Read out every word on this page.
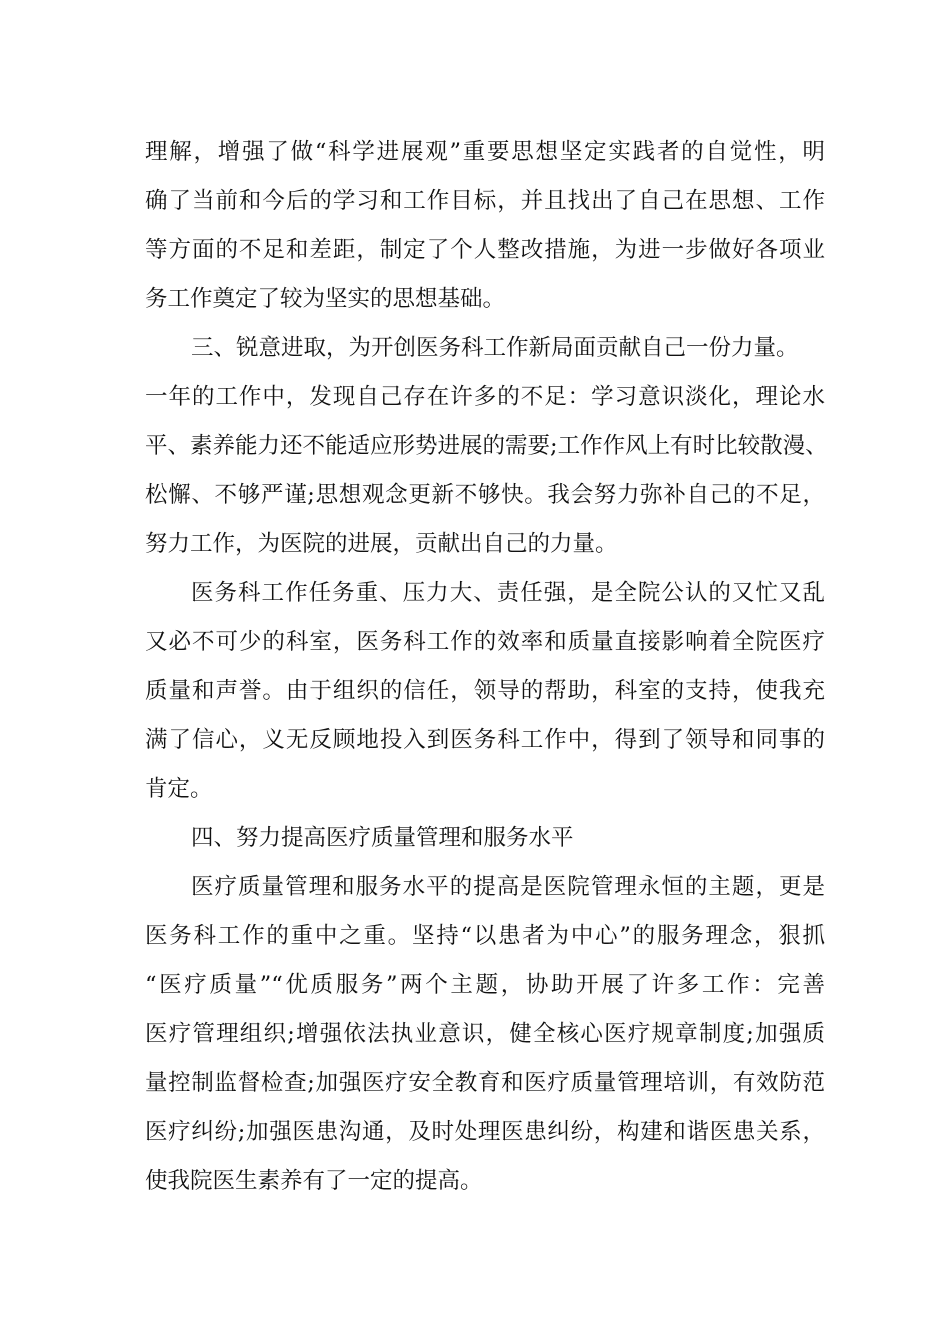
理解，增强了做“科学进展观”重要思想坚定实践者的自觉性，明
确了当前和今后的学习和工作目标，并且找出了自己在思想、工作
等方面的不足和差距，制定了个人整改措施，为进一步做好各项业
务工作奠定了较为坚实的思想基础。
三、锐意进取，为开创医务科工作新局面贡献自己一份力量。
一年的工作中，发现自己存在许多的不足：学习意识淡化，理论水
平、素养能力还不能适应形势进展的需要;工作作风上有时比较散漫、
松懈、不够严谨;思想观念更新不够快。我会努力弥补自己的不足，
努力工作，为医院的进展，贡献出自己的力量。
医务科工作任务重、压力大、责任强，是全院公认的又忙又乱
又必不可少的科室，医务科工作的效率和质量直接影响着全院医疗
质量和声誉。由于组织的信任，领导的帮助，科室的支持，使我充
满了信心，义无反顾地投入到医务科工作中，得到了领导和同事的
肯定。
四、努力提高医疗质量管理和服务水平
医疗质量管理和服务水平的提高是医院管理永恒的主题，更是
医务科工作的重中之重。坚持“以患者为中心”的服务理念，狠抓
“医疗质量”“优质服务”两个主题，协助开展了许多工作：完善
医疗管理组织;增强依法执业意识，健全核心医疗规章制度;加强质
量控制监督检查;加强医疗安全教育和医疗质量管理培训，有效防范
医疗纠纷;加强医患沟通，及时处理医患纠纷，构建和谐医患关系，
使我院医生素养有了一定的提高。
